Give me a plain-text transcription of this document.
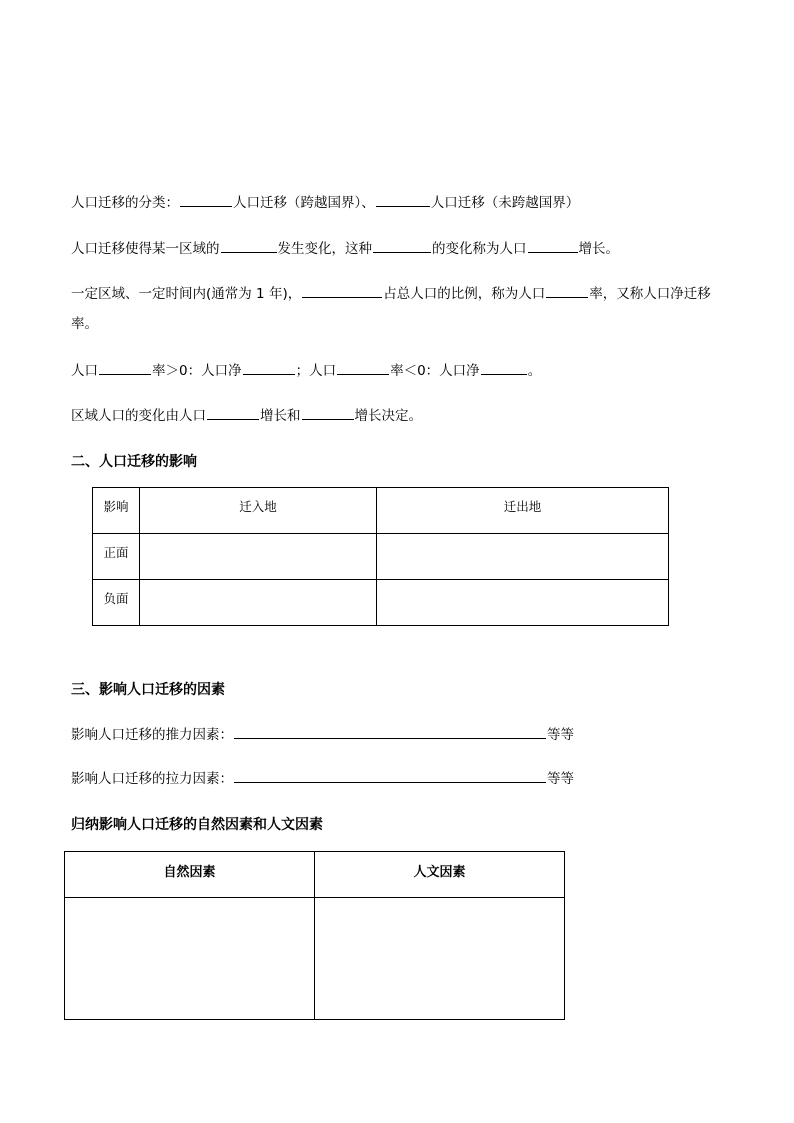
人口迁移的分类：	人口迁移（跨越国界）、	人口迁移（未跨越国界）
人口迁移使得某一区域的	发生变化，这种	的变化称为人口	增长。
一定区域、一定时间内(通常为 1 年)，	占总人口的比例，称为人口	率，又称人口净迁移
率。
人口	率＞0：人口净	；人口	率＜0：人口净	。
区域人口的变化由人口	增长和	增长决定。
二、人口迁移的影响
影响	迁入地	迁出地
正面		
负面		
三、影响人口迁移的因素
影响人口迁移的推力因素：	等等
影响人口迁移的拉力因素：	等等
归纳影响人口迁移的自然因素和人文因素
自然因素	人文因素
